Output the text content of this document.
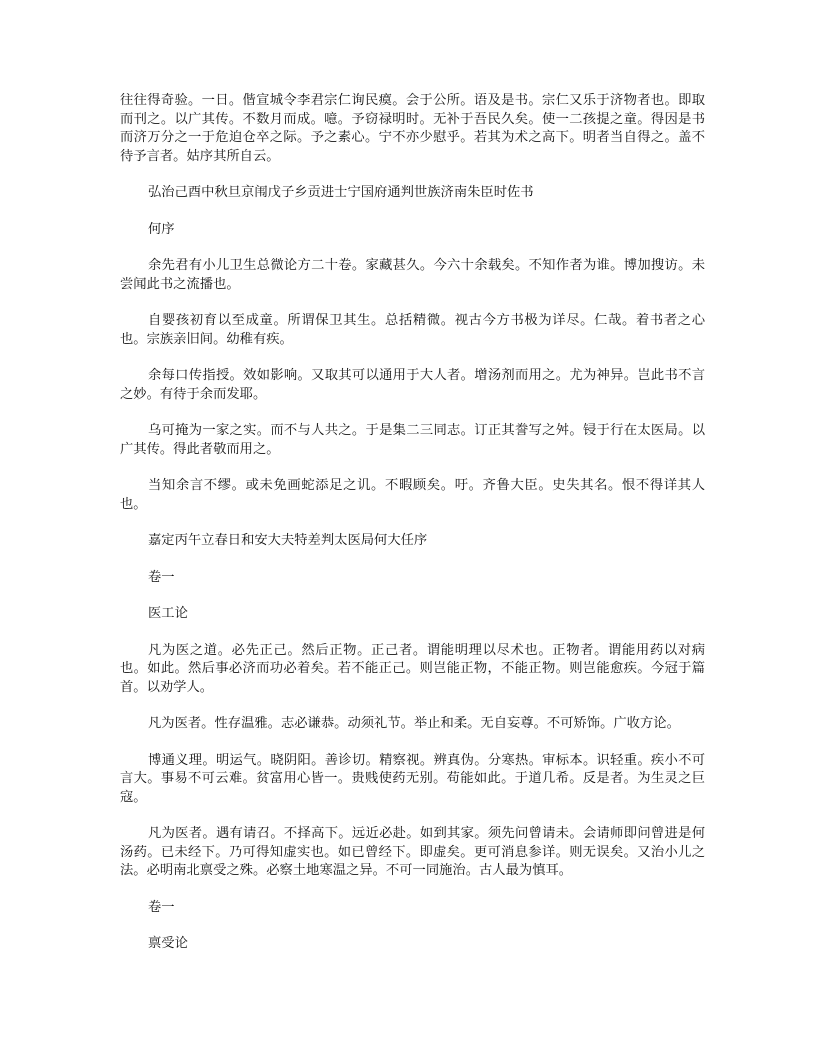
往往得奇验。一日。偕宣城令李君宗仁询民瘼。会于公所。语及是书。宗仁又乐于济物者也。即取而刊之。以广其传。不数月而成。噫。予窃禄明时。无补于吾民久矣。使一二孩提之童。得因是书而济万分之一于危迫仓卒之际。予之素心。宁不亦少慰乎。若其为术之高下。明者当自得之。盖不待予言者。姑序其所自云。

弘治己酉中秋旦京闱戊子乡贡进士宁国府通判世族济南朱臣时佐书

何序

余先君有小儿卫生总微论方二十卷。家藏甚久。今六十余载矣。不知作者为谁。博加搜访。未尝闻此书之流播也。

自婴孩初育以至成童。所谓保卫其生。总括精微。视古今方书极为详尽。仁哉。着书者之心也。宗族亲旧间。幼稚有疾。

余每口传指授。效如影响。又取其可以通用于大人者。增汤剂而用之。尤为神异。岂此书不言之妙。有待于余而发耶。

乌可掩为一家之实。而不与人共之。于是集二三同志。订正其誊写之舛。锓于行在太医局。以广其传。得此者敬而用之。

当知余言不缪。或未免画蛇添足之讥。不暇顾矣。吁。齐鲁大臣。史失其名。恨不得详其人也。

嘉定丙午立春日和安大夫特差判太医局何大任序

卷一

医工论

凡为医之道。必先正己。然后正物。正己者。谓能明理以尽术也。正物者。谓能用药以对病也。如此。然后事必济而功必着矣。若不能正己。则岂能正物，不能正物。则岂能愈疾。今冠于篇首。以劝学人。

凡为医者。性存温雅。志必谦恭。动须礼节。举止和柔。无自妄尊。不可矫饰。广收方论。

博通义理。明运气。晓阴阳。善诊切。精察视。辨真伪。分寒热。审标本。识轻重。疾小不可言大。事易不可云难。贫富用心皆一。贵贱使药无别。苟能如此。于道几希。反是者。为生灵之巨寇。

凡为医者。遇有请召。不择高下。远近必赴。如到其家。须先问曾请未。会请师即问曾进是何汤药。已未经下。乃可得知虚实也。如已曾经下。即虚矣。更可消息参详。则无误矣。又治小儿之法。必明南北禀受之殊。必察土地寒温之异。不可一同施治。古人最为慎耳。

卷一

禀受论
